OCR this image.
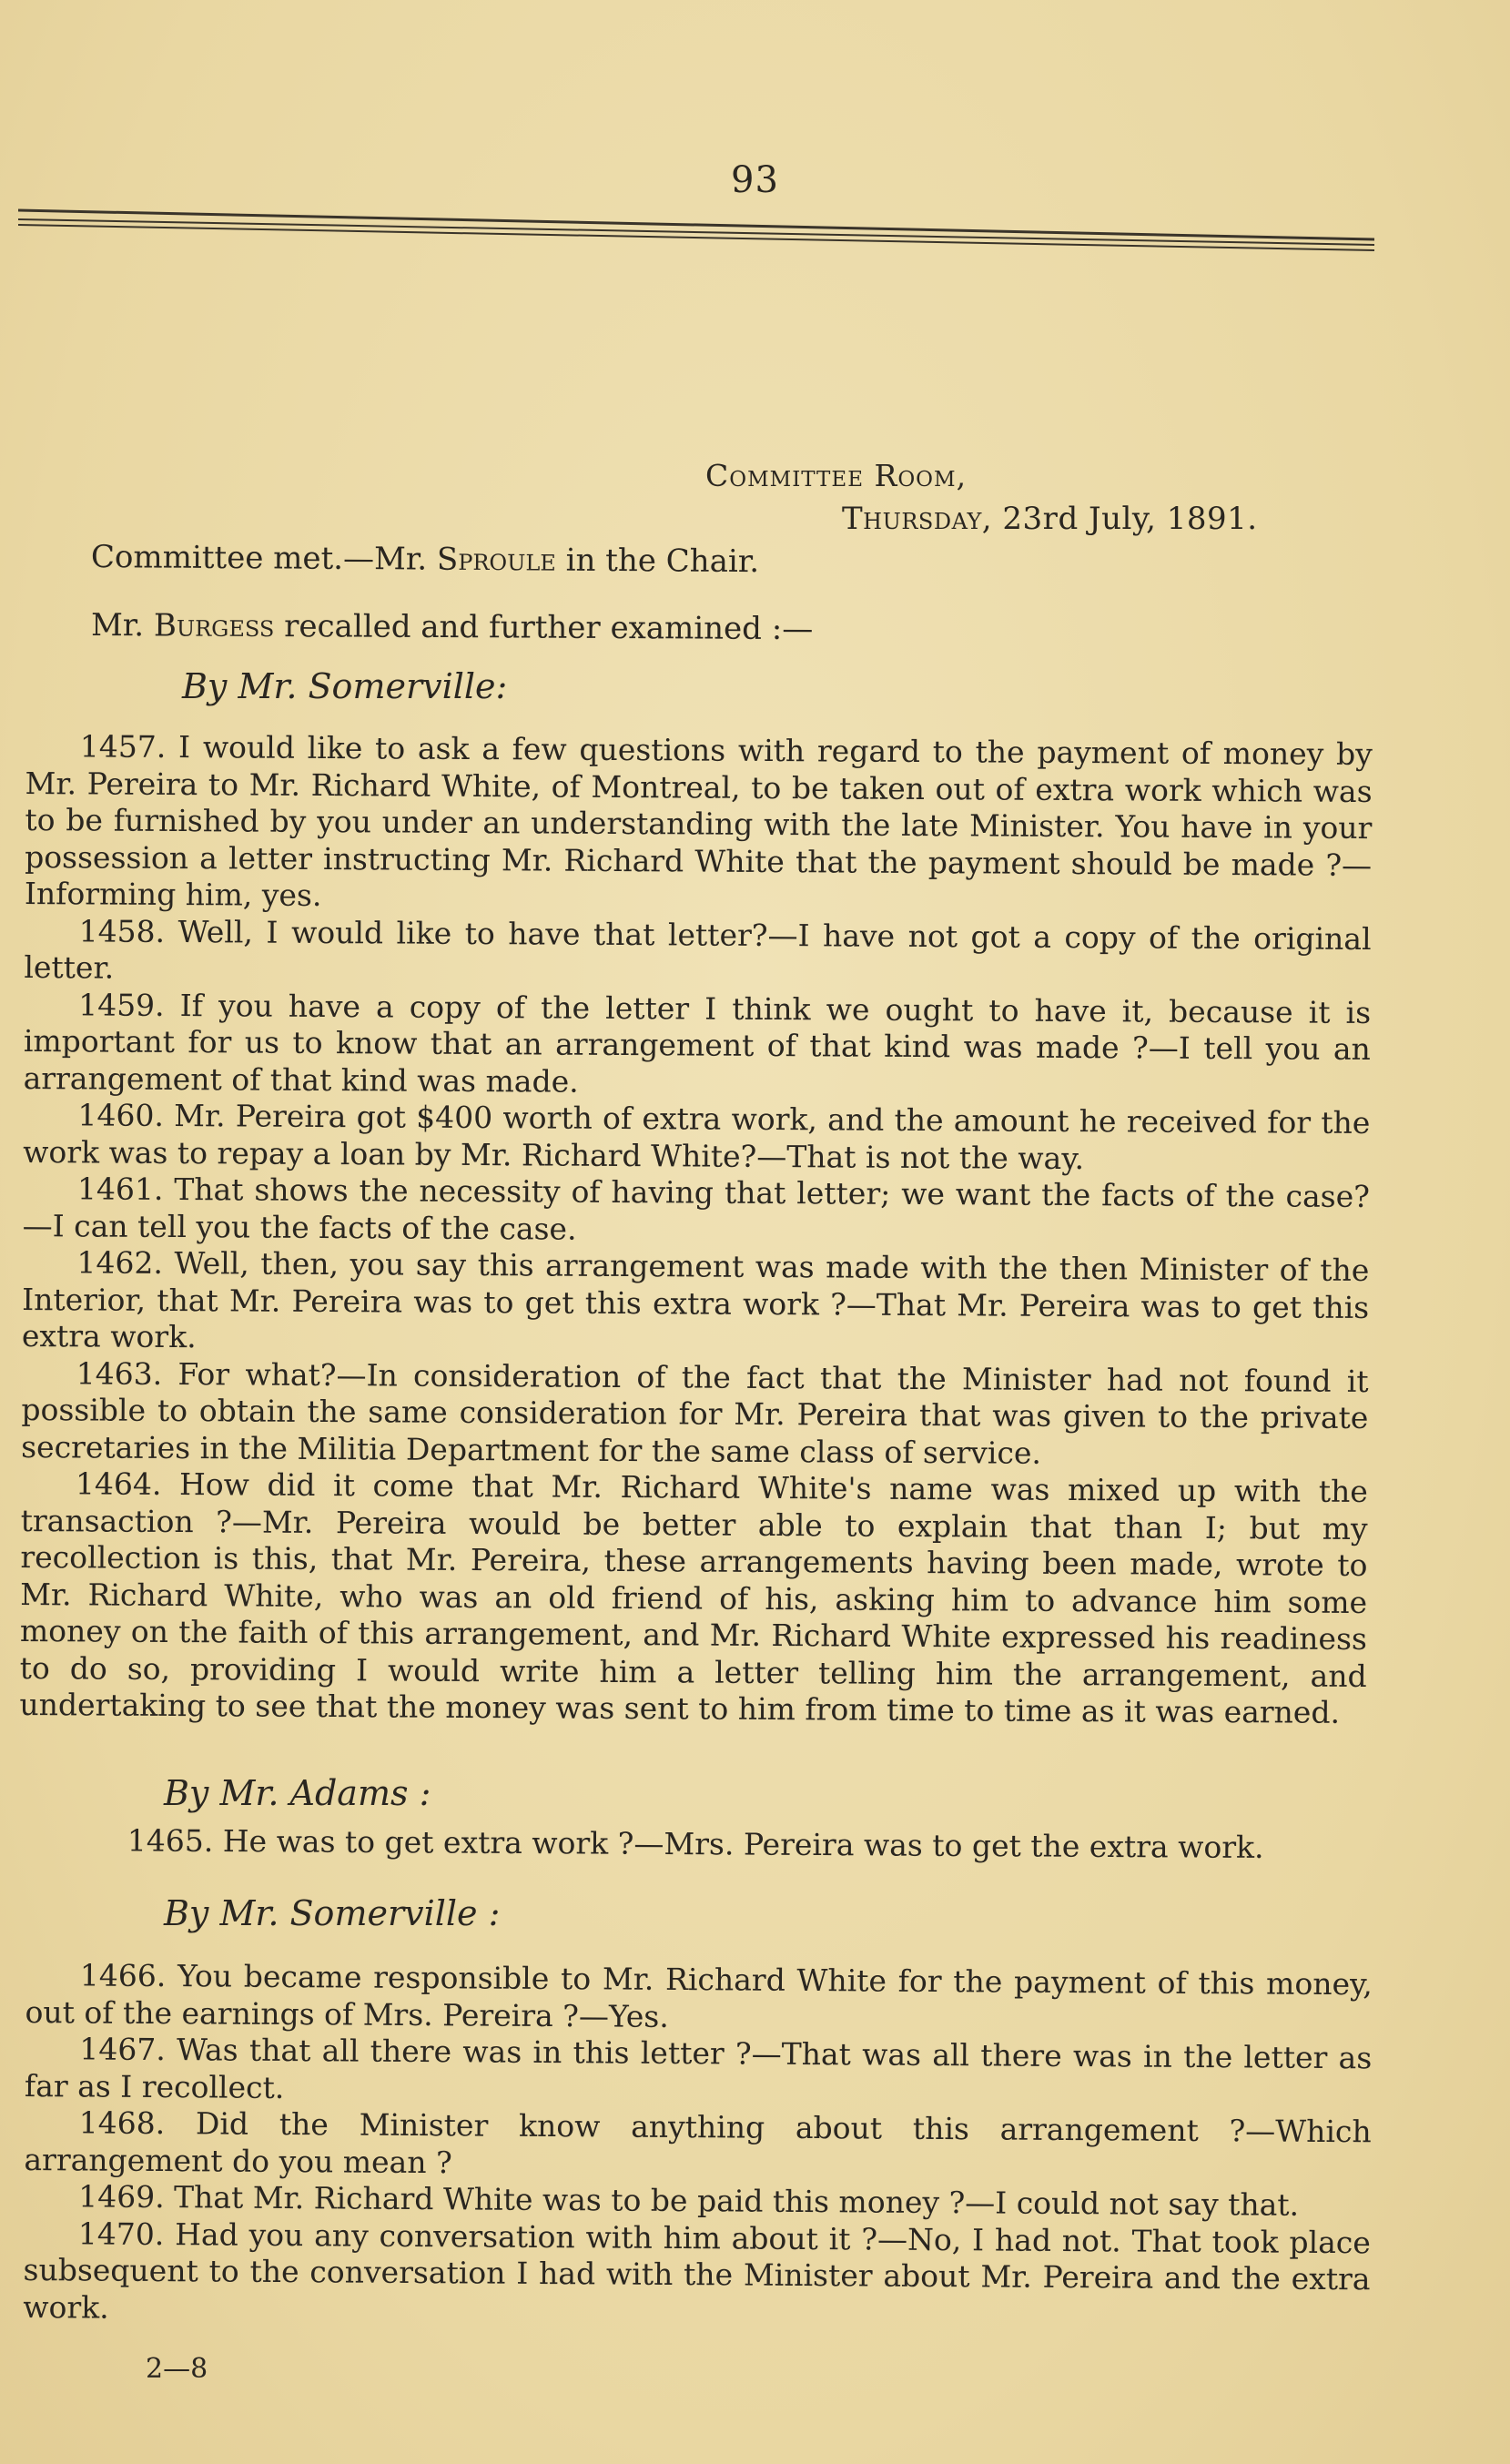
93
Committee Room,
Thursday, 23rd July, 1891.
Committee met.—Mr. Sproule in the Chair.
Mr. Burgess recalled and further examined :—
By Mr. Somerville:

1457. I would like to ask a few questions with regard to the payment of money by Mr. Pereira to Mr. Richard White, of Montreal, to be taken out of extra work which was to be furnished by you under an understanding with the late Minister. You have in your possession a letter instructing Mr. Richard White that the payment should be made ?—Informing him, yes.

1458. Well, I would like to have that letter?—I have not got a copy of the original letter.

1459. If you have a copy of the letter I think we ought to have it, because it is important for us to know that an arrangement of that kind was made ?—I tell you an arrangement of that kind was made.

1460. Mr. Pereira got $400 worth of extra work, and the amount he received for the work was to repay a loan by Mr. Richard White?—That is not the way.

1461. That shows the necessity of having that letter; we want the facts of the case?—I can tell you the facts of the case.

1462. Well, then, you say this arrangement was made with the then Minister of the Interior, that Mr. Pereira was to get this extra work ?—That Mr. Pereira was to get this extra work.

1463. For what?—In consideration of the fact that the Minister had not found it possible to obtain the same consideration for Mr. Pereira that was given to the private secretaries in the Militia Department for the same class of service.

1464. How did it come that Mr. Richard White's name was mixed up with the transaction ?—Mr. Pereira would be better able to explain that than I; but my recollection is this, that Mr. Pereira, these arrangements having been made, wrote to Mr. Richard White, who was an old friend of his, asking him to advance him some money on the faith of this arrangement, and Mr. Richard White expressed his readiness to do so, providing I would write him a letter telling him the arrangement, and undertaking to see that the money was sent to him from time to time as it was earned.

By Mr. Adams :

1465. He was to get extra work ?—Mrs. Pereira was to get the extra work.

By Mr. Somerville :

1466. You became responsible to Mr. Richard White for the payment of this money, out of the earnings of Mrs. Pereira ?—Yes.

1467. Was that all there was in this letter ?—That was all there was in the letter as far as I recollect.

1468. Did the Minister know anything about this arrangement ?—Which arrangement do you mean ?

1469. That Mr. Richard White was to be paid this money ?—I could not say that.

1470. Had you any conversation with him about it ?—No, I had not. That took place subsequent to the conversation I had with the Minister about Mr. Pereira and the extra work.

2—8
